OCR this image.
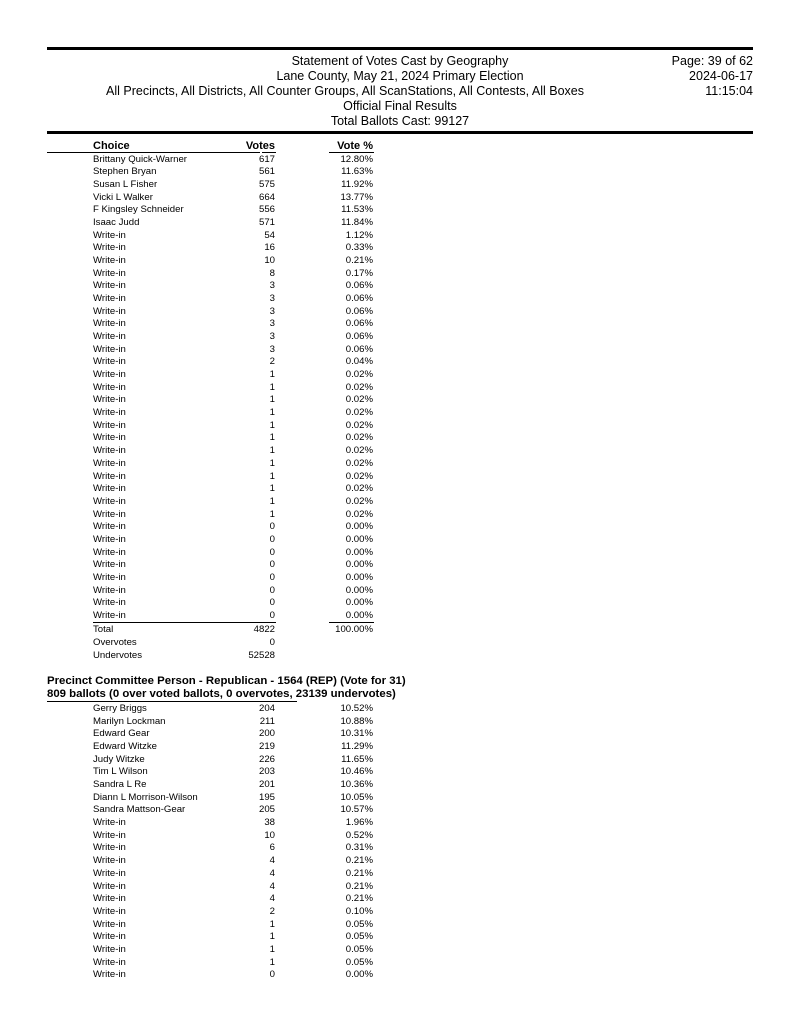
Statement of Votes Cast by Geography
Lane County, May 21, 2024 Primary Election
All Precincts, All Districts, All Counter Groups, All ScanStations, All Contests, All Boxes
Official Final Results
Total Ballots Cast: 99127
Page: 39 of 62
2024-06-17
11:15:04
Choice	Votes	Vote %
Brittany Quick-Warner	617	12.80%
Stephen Bryan	561	11.63%
Susan L Fisher	575	11.92%
Vicki L Walker	664	13.77%
F Kingsley Schneider	556	11.53%
Isaac Judd	571	11.84%
Write-in	54	1.12%
Write-in	16	0.33%
Write-in	10	0.21%
Write-in	8	0.17%
Write-in	3	0.06%
Write-in	3	0.06%
Write-in	3	0.06%
Write-in	3	0.06%
Write-in	3	0.06%
Write-in	3	0.06%
Write-in	2	0.04%
Write-in	1	0.02%
Write-in	1	0.02%
Write-in	1	0.02%
Write-in	1	0.02%
Write-in	1	0.02%
Write-in	1	0.02%
Write-in	1	0.02%
Write-in	1	0.02%
Write-in	1	0.02%
Write-in	1	0.02%
Write-in	1	0.02%
Write-in	1	0.02%
Write-in	0	0.00%
Write-in	0	0.00%
Write-in	0	0.00%
Write-in	0	0.00%
Write-in	0	0.00%
Write-in	0	0.00%
Write-in	0	0.00%
Write-in	0	0.00%
Total	4822	100.00%
Overvotes	0
Undervotes	52528
Precinct Committee Person - Republican - 1564 (REP) (Vote for 31)
809 ballots (0 over voted ballots, 0 overvotes, 23139 undervotes)
Gerry Briggs	204	10.52%
Marilyn Lockman	211	10.88%
Edward Gear	200	10.31%
Edward Witzke	219	11.29%
Judy Witzke	226	11.65%
Tim L Wilson	203	10.46%
Sandra L Re	201	10.36%
Diann L Morrison-Wilson	195	10.05%
Sandra Mattson-Gear	205	10.57%
Write-in	38	1.96%
Write-in	10	0.52%
Write-in	6	0.31%
Write-in	4	0.21%
Write-in	4	0.21%
Write-in	4	0.21%
Write-in	4	0.21%
Write-in	2	0.10%
Write-in	1	0.05%
Write-in	1	0.05%
Write-in	1	0.05%
Write-in	1	0.05%
Write-in	0	0.00%
